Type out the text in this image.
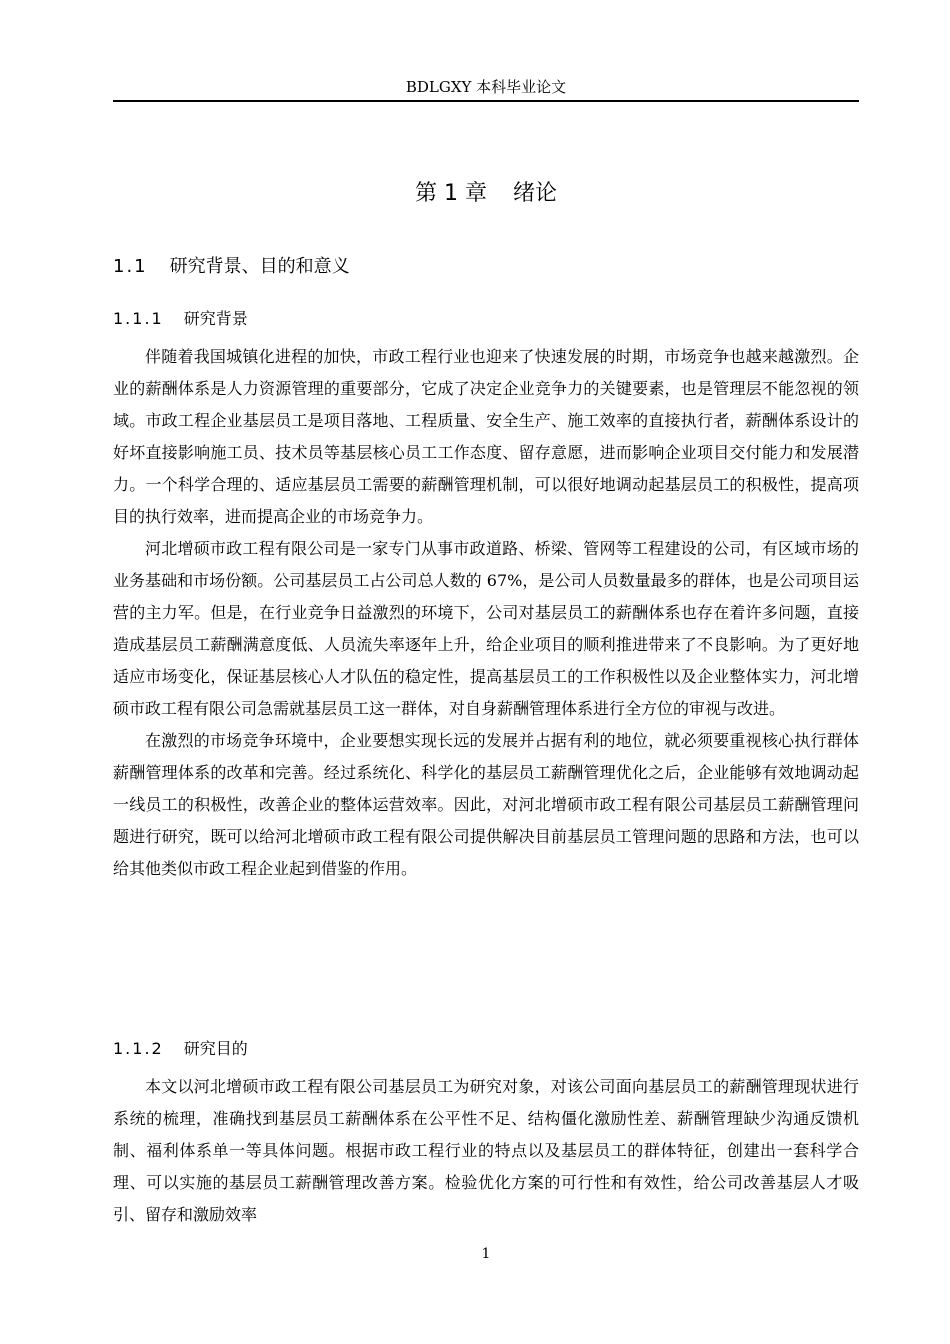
BDLGXY 本科毕业论文
第 1 章 绪论
1.1 研究背景、目的和意义
1.1.1 研究背景

伴随着我国城镇化进程的加快，市政工程行业也迎来了快速发展的时期，市场竞争也越来越激烈。企业的薪酬体系是人力资源管理的重要部分，它成了决定企业竞争力的关键要素，也是管理层不能忽视的领域。市政工程企业基层员工是项目落地、工程质量、安全生产、施工效率的直接执行者，薪酬体系设计的好坏直接影响施工员、技术员等基层核心员工工作态度、留存意愿，进而影响企业项目交付能力和发展潜力。一个科学合理的、适应基层员工需要的薪酬管理机制，可以很好地调动起基层员工的积极性，提高项目的执行效率，进而提高企业的市场竞争力。

河北增硕市政工程有限公司是一家专门从事市政道路、桥梁、管网等工程建设的公司，有区域市场的业务基础和市场份额。公司基层员工占公司总人数的 67%，是公司人员数量最多的群体，也是公司项目运营的主力军。但是，在行业竞争日益激烈的环境下，公司对基层员工的薪酬体系也存在着许多问题，直接造成基层员工薪酬满意度低、人员流失率逐年上升，给企业项目的顺利推进带来了不良影响。为了更好地适应市场变化，保证基层核心人才队伍的稳定性，提高基层员工的工作积极性以及企业整体实力，河北增硕市政工程有限公司急需就基层员工这一群体，对自身薪酬管理体系进行全方位的审视与改进。

在激烈的市场竞争环境中，企业要想实现长远的发展并占据有利的地位，就必须要重视核心执行群体薪酬管理体系的改革和完善。经过系统化、科学化的基层员工薪酬管理优化之后，企业能够有效地调动起一线员工的积极性，改善企业的整体运营效率。因此，对河北增硕市政工程有限公司基层员工薪酬管理问题进行研究，既可以给河北增硕市政工程有限公司提供解决目前基层员工管理问题的思路和方法，也可以给其他类似市政工程企业起到借鉴的作用。

1.1.2 研究目的

本文以河北增硕市政工程有限公司基层员工为研究对象，对该公司面向基层员工的薪酬管理现状进行系统的梳理，准确找到基层员工薪酬体系在公平性不足、结构僵化激励性差、薪酬管理缺少沟通反馈机制、福利体系单一等具体问题。根据市政工程行业的特点以及基层员工的群体特征，创建出一套科学合理、可以实施的基层员工薪酬管理改善方案。检验优化方案的可行性和有效性，给公司改善基层人才吸引、留存和激励效率

1
